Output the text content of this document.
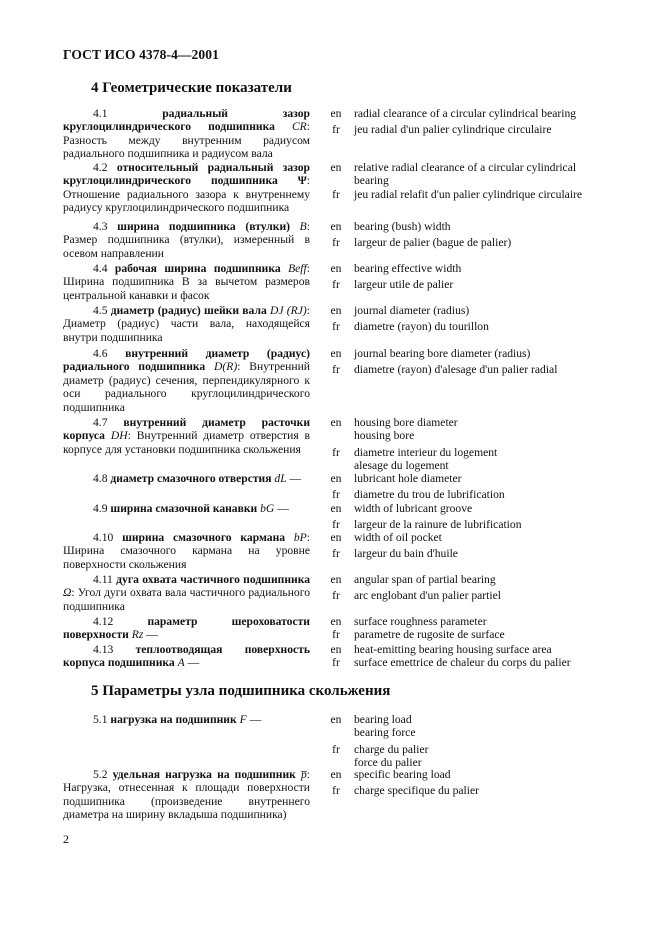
ГОСТ ИСО 4378-4—2001
4 Геометрические показатели
4.1	радиальный зазор круглоцилиндрического подшипника CR: Разность между внутренним радиусом радиального подшипника и радиусом вала
en	radial clearance of a circular cylindrical bearing
fr	jeu radial d'un palier cylindrique circulaire
4.2 относительный радиальный зазор круглоцилиндрического подшипника Ψ: Отношение радиального зазора к внутреннему радиусу круглоцилиндрического подшипника
en	relative radial clearance of a circular cylindrical
bearing
fr	jeu radial relafit d'un palier cylindrique circulaire
4.3 ширина подшипника (втулки) B: Размер подшипника (втулки), измеренный в осевом направлении
en	bearing (bush) width
fr	largeur de palier (bague de palier)
4.4 рабочая ширина подшипника Beff: Ширина подшипника B за вычетом размеров центральной канавки и фасок
en	bearing effective width
fr	largeur utile de palier
4.5 диаметр (радиус) шейки вала DJ (RJ): Диаметр (радиус) части вала, находящейся внутри подшипника
en	journal diameter (radius)
fr	diametre (rayon) du tourillon
4.6 внутренний диаметр (радиус) радиального подшипника D(R): Внутренний диаметр (радиус) сечения, перпендикулярного к оси радиального круглоцилиндрического подшипника
en	journal bearing bore diameter (radius)
fr	diametre (rayon) d'alesage d'un palier radial
4.7 внутренний диаметр расточки корпуса DH: Внутренний диаметр отверстия в корпусе для установки подшипника скольжения
en	housing bore diameter
housing bore
fr	diametre interieur du logement
alesage du logement
4.8 диаметр смазочного отверстия dL —	en	lubricant hole diameter
fr	diametre du trou de lubrification
4.9 ширина смазочной канавки bG —	en	width of lubricant groove
fr	largeur de la rainure de lubrification
4.10 ширина смазочного кармана bP: Ширина смазочного кармана на уровне поверхности скольжения
en	width of oil pocket
fr	largeur du bain d'huile
4.11 дуга охвата частичного подшипника Ω: Угол дуги охвата вала частичного радиального подшипника
en	angular span of partial bearing
fr	arc englobant d'un palier partiel
4.12	параметр шероховатости поверхности Rz —
en	surface roughness parameter
fr	parametre de rugosite de surface
4.13 теплоотводящая поверхность корпуса подшипника A —
en	heat-emitting bearing housing surface area
fr	surface emettrice de chaleur du corps du palier
5 Параметры узла подшипника скольжения
5.1 нагрузка на подшипник F —	en	bearing load
bearing force
fr	charge du palier
force du palier
5.2 удельная нагрузка на подшипник p̅: Нагрузка, отнесенная к площади поверхности подшипника (произведение внутреннего диаметра на ширину вкладыша подшипника)
en	specific bearing load
fr	charge specifique du palier
2
